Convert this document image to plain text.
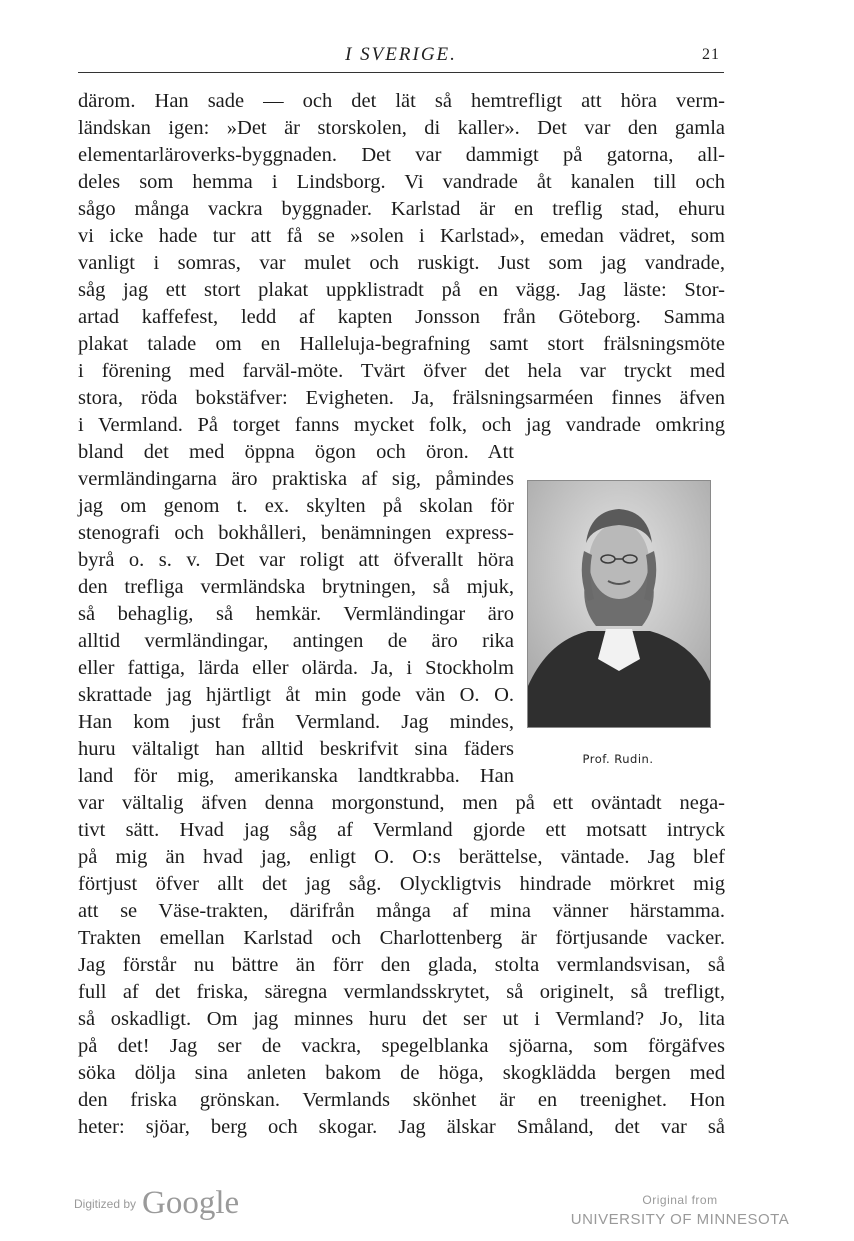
I SVERIGE.	21
därom. Han sade — och det lät så hemtrefligt att höra verm-
ländskan igen: »Det är storskolen, di kaller». Det var den gamla
elementarläroverks-byggnaden. Det var dammigt på gatorna, all-
deles som hemma i Lindsborg. Vi vandrade åt kanalen till och
sågo många vackra byggnader. Karlstad är en treflig stad, ehuru
vi icke hade tur att få se »solen i Karlstad», emedan vädret, som
vanligt i somras, var mulet och ruskigt. Just som jag vandrade,
såg jag ett stort plakat uppklistradt på en vägg. Jag läste: Stor-
artad kaffefest, ledd af kapten Jonsson från Göteborg. Samma
plakat talade om en Halleluja-begrafning samt stort frälsningsmöte
i förening med farväl-möte. Tvärt öfver det hela var tryckt med
stora, röda bokstäfver: Evigheten. Ja, frälsningsarméen finnes äfven
i Vermland. På torget fanns mycket folk, och jag vandrade omkring
bland det med öppna ögon och öron. Att
vermländingarna äro praktiska af sig, påmindes
jag om genom t. ex. skylten på skolan för
stenografi och bokhålleri, benämningen express-
byrå o. s. v. Det var roligt att öfverallt höra
den trefliga vermländska brytningen, så mjuk,
så behaglig, så hemkär. Vermländingar äro
alltid vermländingar, antingen de äro rika
eller fattiga, lärda eller olärda. Ja, i Stockholm
skrattade jag hjärtligt åt min gode vän O. O.
Han kom just från Vermland. Jag mindes,
huru vältaligt han alltid beskrifvit sina fäders
land för mig, amerikanska landtkrabba. Han
var vältalig äfven denna morgonstund, men på ett oväntadt nega-
tivt sätt. Hvad jag såg af Vermland gjorde ett motsatt intryck
på mig än hvad jag, enligt O. O:s berättelse, väntade. Jag blef
förtjust öfver allt det jag såg. Olyckligtvis hindrade mörkret mig
att se Väse-trakten, därifrån många af mina vänner härstamma.
Trakten emellan Karlstad och Charlottenberg är förtjusande vacker.
Jag förstår nu bättre än förr den glada, stolta vermlandsvisan, så
full af det friska, säregna vermlandsskrytet, så originelt, så trefligt,
så oskadligt. Om jag minnes huru det ser ut i Vermland? Jo, lita
på det! Jag ser de vackra, spegelblanka sjöarna, som förgäfves
söka dölja sina anleten bakom de höga, skogklädda bergen med
den friska grönskan. Vermlands skönhet är en treenighet. Hon
heter: sjöar, berg och skogar. Jag älskar Småland, det var så
Prof. Rudin.
Digitized by Google	Original from
UNIVERSITY OF MINNESOTA
